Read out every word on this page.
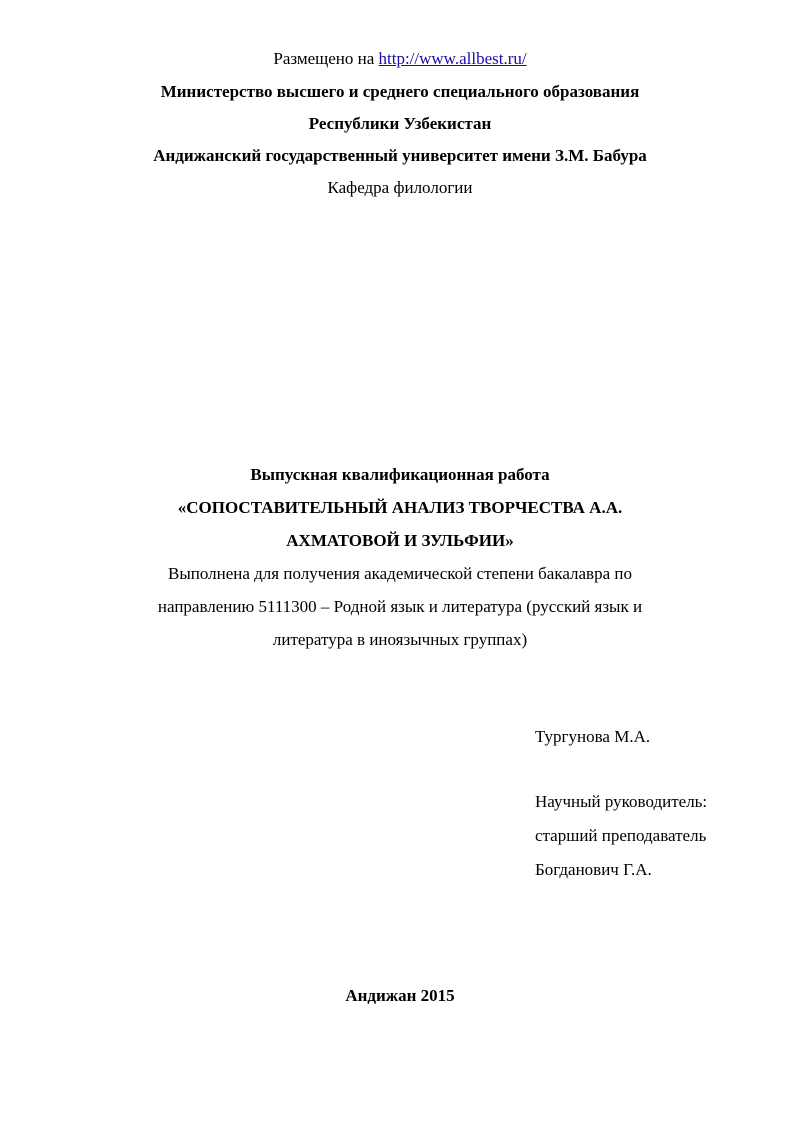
Размещено на http://www.allbest.ru/
Министерство высшего и среднего специального образования
Республики Узбекистан
Андижанский государственный университет имени З.М. Бабура
Кафедра филологии
Выпускная квалификационная работа
«СОПОСТАВИТЕЛЬНЫЙ АНАЛИЗ ТВОРЧЕСТВА А.А.
АХМАТОВОЙ И ЗУЛЬФИИ»
Выполнена для получения академической степени бакалавра по
направлению 5111300 – Родной язык и литература (русский язык и
литература в иноязычных группах)
Тургунова М.А.
Научный руководитель:
старший преподаватель
Богданович Г.А.
Андижан 2015
